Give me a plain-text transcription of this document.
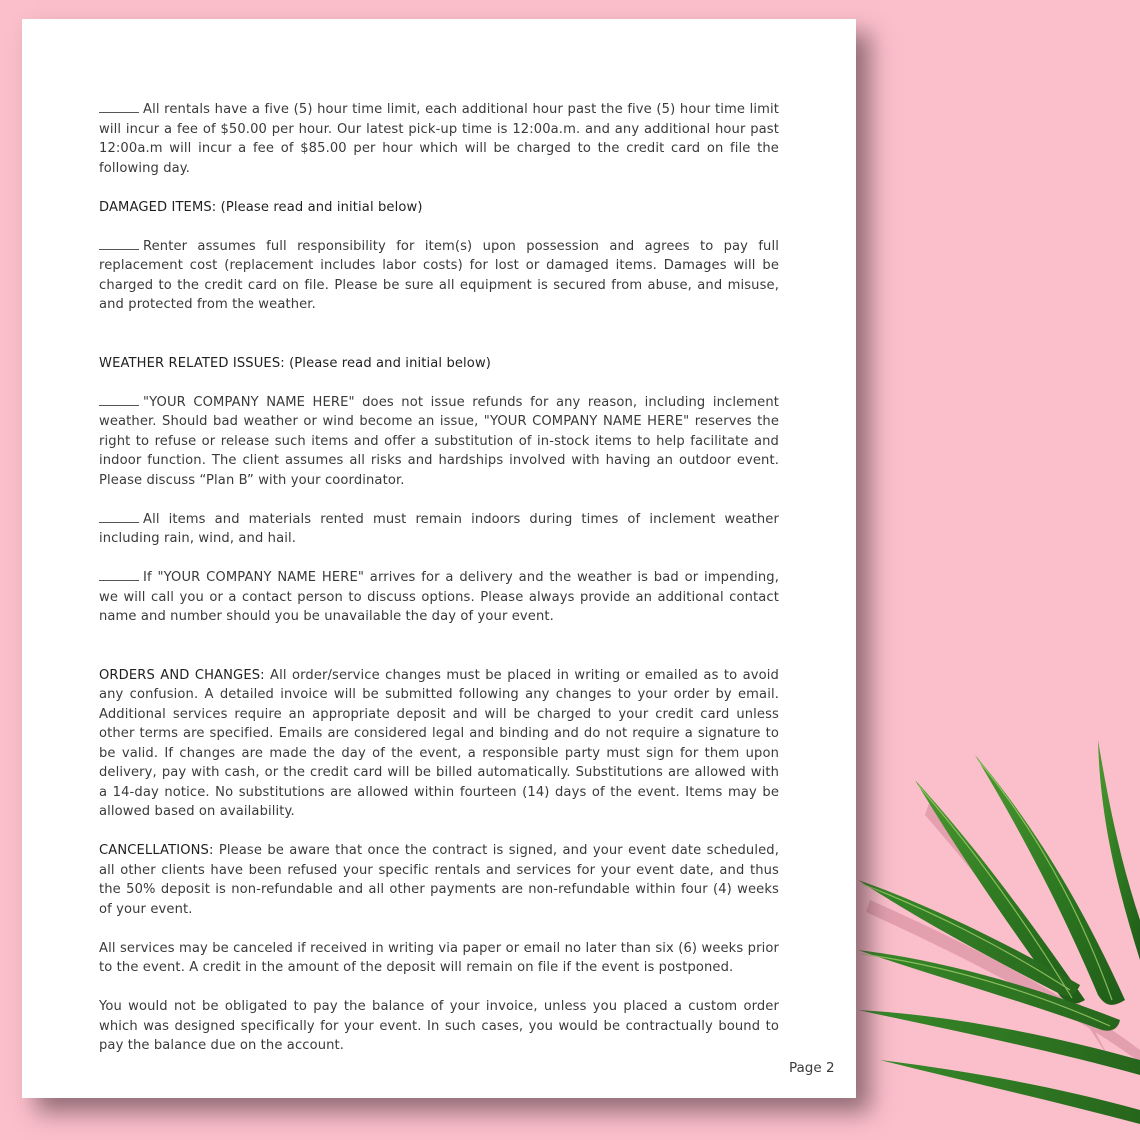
All rentals have a five (5) hour time limit, each additional hour past the five (5) hour time limit will incur a fee of $50.00 per hour. Our latest pick-up time is 12:00a.m. and any additional hour past 12:00a.m will incur a fee of $85.00 per hour which will be charged to the credit card on file the following day.

DAMAGED ITEMS: (Please read and initial below)

Renter assumes full responsibility for item(s) upon possession and agrees to pay full replacement cost (replacement includes labor costs) for lost or damaged items. Damages will be charged to the credit card on file. Please be sure all equipment is secured from abuse, and misuse, and protected from the weather.

WEATHER RELATED ISSUES: (Please read and initial below)

"YOUR COMPANY NAME HERE" does not issue refunds for any reason, including inclement weather. Should bad weather or wind become an issue, "YOUR COMPANY NAME HERE" reserves the right to refuse or release such items and offer a substitution of in-stock items to help facilitate and indoor function. The client assumes all risks and hardships involved with having an outdoor event. Please discuss “Plan B” with your coordinator.

All items and materials rented must remain indoors during times of inclement weather including rain, wind, and hail.

If "YOUR COMPANY NAME HERE" arrives for a delivery and the weather is bad or impending, we will call you or a contact person to discuss options. Please always provide an additional contact name and number should you be unavailable the day of your event.

ORDERS AND CHANGES: All order/service changes must be placed in writing or emailed as to avoid any confusion. A detailed invoice will be submitted following any changes to your order by email. Additional services require an appropriate deposit and will be charged to your credit card unless other terms are specified. Emails are considered legal and binding and do not require a signature to be valid. If changes are made the day of the event, a responsible party must sign for them upon delivery, pay with cash, or the credit card will be billed automatically. Substitutions are allowed with a 14-day notice. No substitutions are allowed within fourteen (14) days of the event. Items may be allowed based on availability.

CANCELLATIONS: Please be aware that once the contract is signed, and your event date scheduled, all other clients have been refused your specific rentals and services for your event date, and thus the 50% deposit is non-refundable and all other payments are non-refundable within four (4) weeks of your event.

All services may be canceled if received in writing via paper or email no later than six (6) weeks prior to the event. A credit in the amount of the deposit will remain on file if the event is postponed.

You would not be obligated to pay the balance of your invoice, unless you placed a custom order which was designed specifically for your event. In such cases, you would be contractually bound to pay the balance due on the account.

Page 2
